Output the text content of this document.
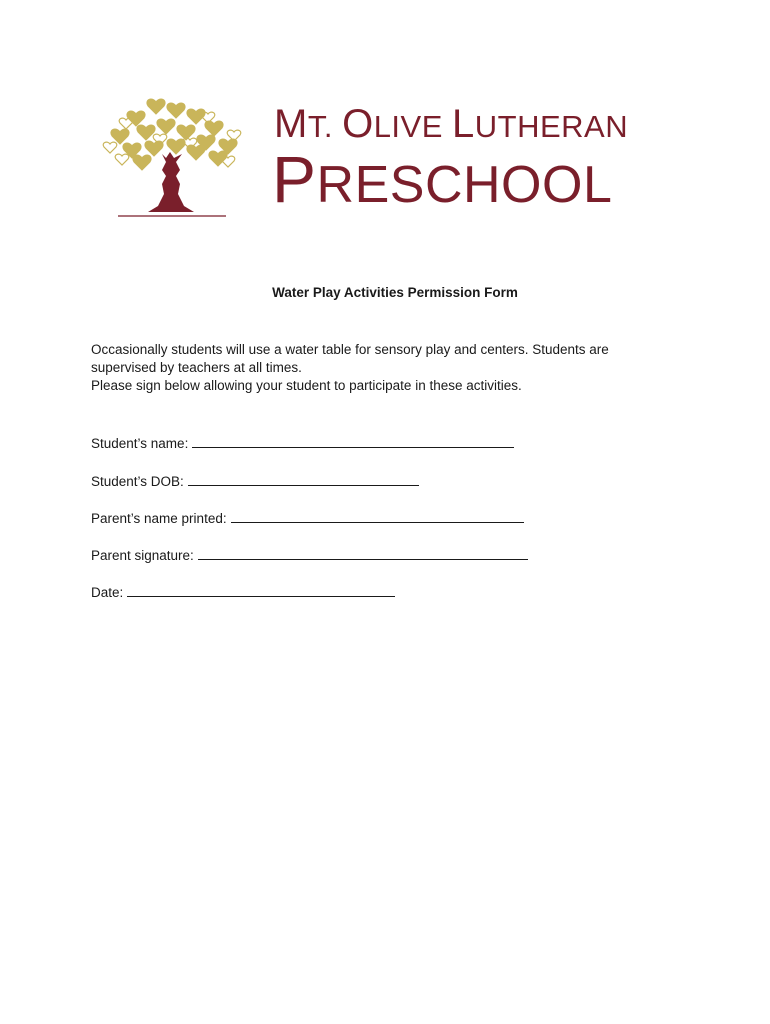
MT. OLIVE LUTHERAN
PRESCHOOL
Water Play Activities Permission Form

Occasionally students will use a water table for sensory play and centers. Students are supervised by teachers at all times.

Please sign below allowing your student to participate in these activities.

Student’s name:
Student’s DOB:
Parent’s name printed:
Parent signature:
Date:
